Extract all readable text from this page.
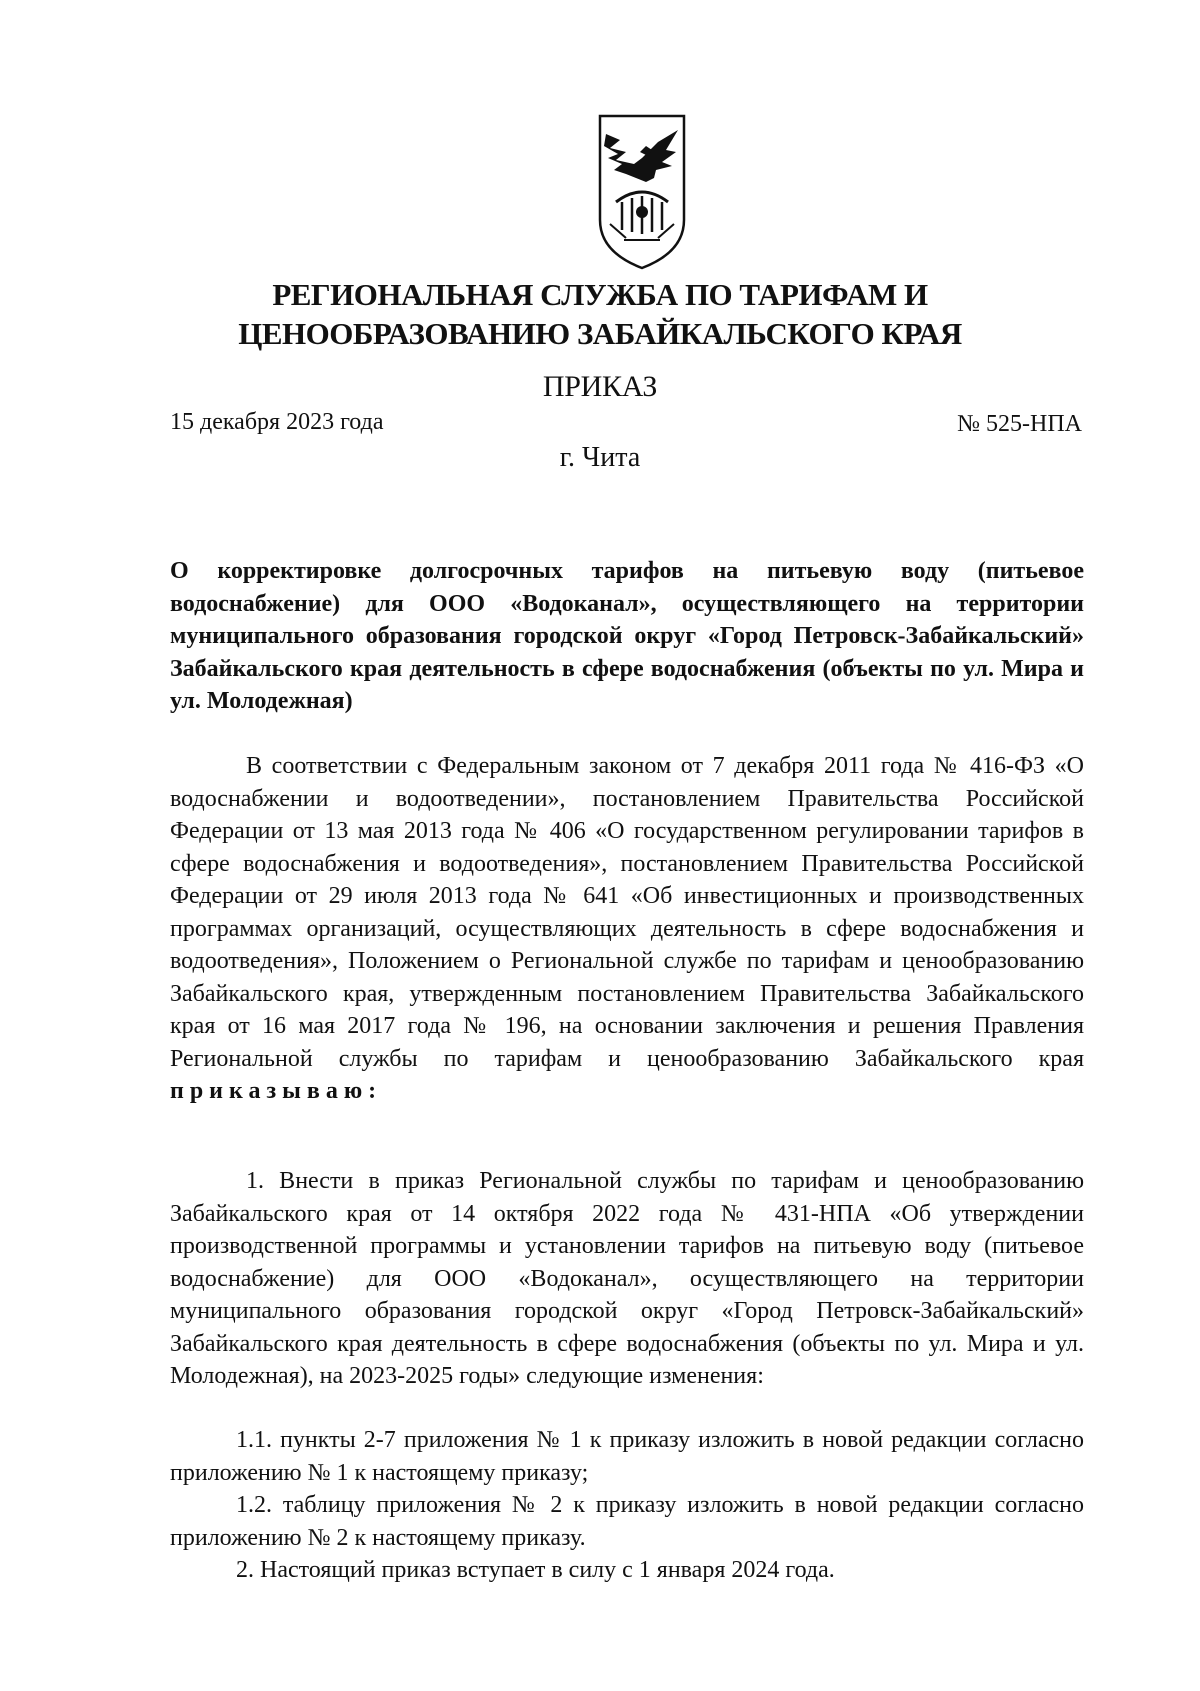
РЕГИОНАЛЬНАЯ СЛУЖБА ПО ТАРИФАМ И
ЦЕНООБРАЗОВАНИЮ ЗАБАЙКАЛЬСКОГО КРАЯ
ПРИКАЗ
15 декабря 2023 года	№ 525-НПА
г. Чита
О корректировке долгосрочных тарифов на питьевую воду (питьевое водоснабжение) для ООО «Водоканал», осуществляющего на территории муниципального образования городской округ «Город Петровск-Забайкальский» Забайкальского края деятельность в сфере водоснабжения (объекты по ул. Мира и ул. Молодежная)
В соответствии с Федеральным законом от 7 декабря 2011 года № 416-ФЗ «О водоснабжении и водоотведении», постановлением Правительства Российской Федерации от 13 мая 2013 года № 406 «О государственном регулировании тарифов в сфере водоснабжения и водоотведения», постановлением Правительства Российской Федерации от 29 июля 2013 года № 641 «Об инвестиционных и производственных программах организаций, осуществляющих деятельность в сфере водоснабжения и водоотведения», Положением о Региональной службе по тарифам и ценообразованию Забайкальского края, утвержденным постановлением Правительства Забайкальского края от 16 мая 2017 года № 196, на основании заключения и решения Правления Региональной службы по тарифам и ценообразованию Забайкальского края приказываю:
1. Внести в приказ Региональной службы по тарифам и ценообразованию Забайкальского края от 14 октября 2022 года № 431-НПА «Об утверждении производственной программы и установлении тарифов на питьевую воду (питьевое водоснабжение) для ООО «Водоканал», осуществляющего на территории муниципального образования городской округ «Город Петровск-Забайкальский» Забайкальского края деятельность в сфере водоснабжения (объекты по ул. Мира и ул. Молодежная), на 2023-2025 годы» следующие изменения:
1.1. пункты 2-7 приложения № 1 к приказу изложить в новой редакции согласно приложению № 1 к настоящему приказу;
1.2. таблицу приложения № 2 к приказу изложить в новой редакции согласно приложению № 2 к настоящему приказу.
2. Настоящий приказ вступает в силу с 1 января 2024 года.
